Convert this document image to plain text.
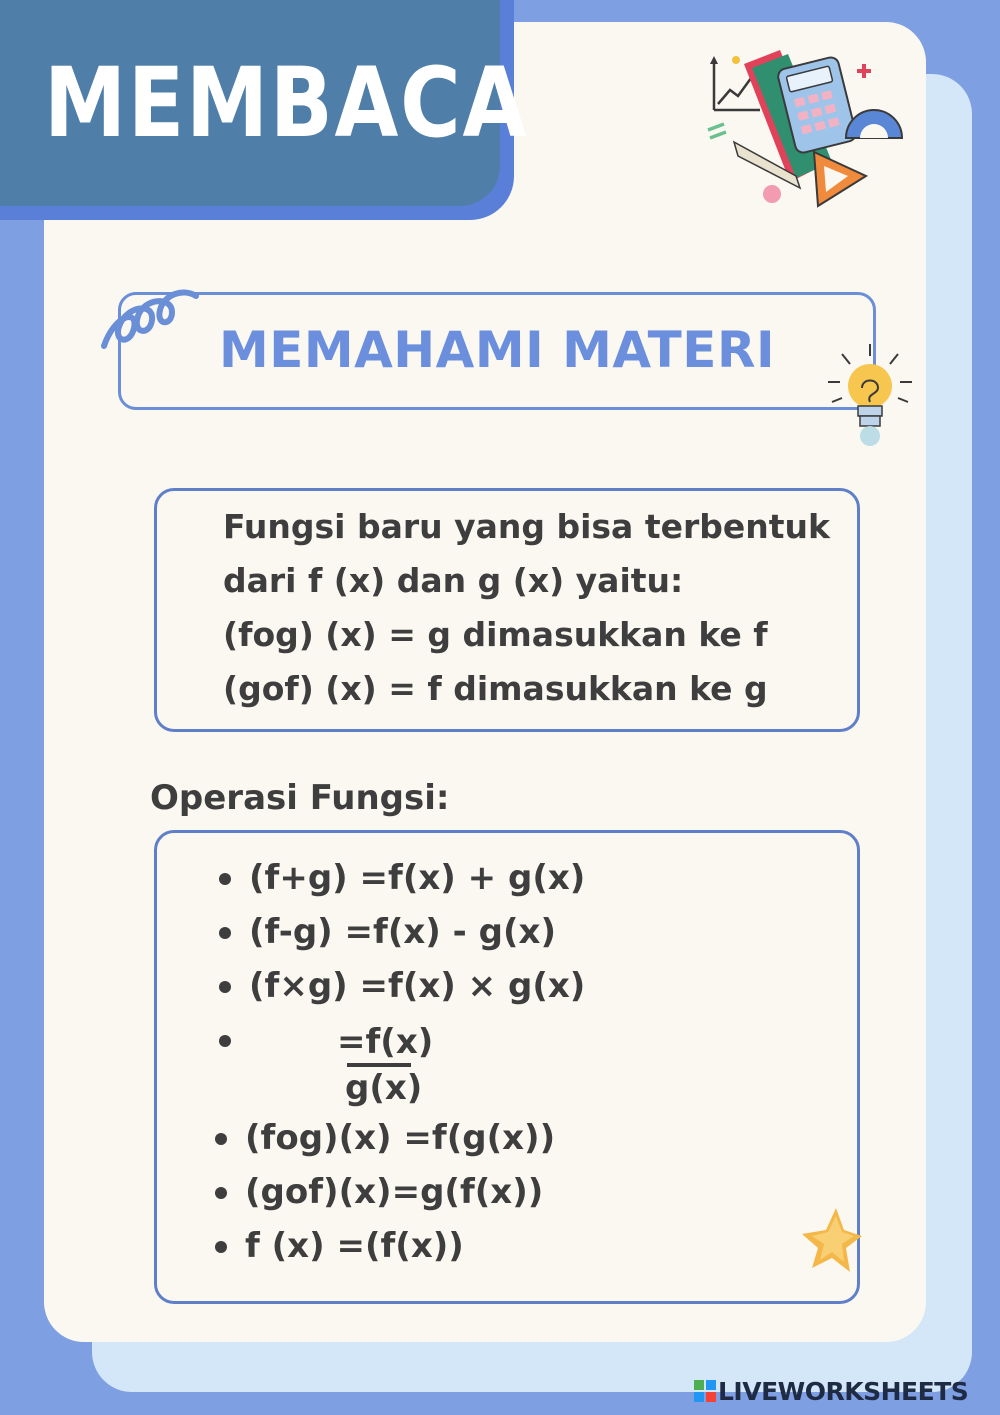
MEMBACA
MEMAHAMI MATERI

Fungsi baru yang bisa terbentuk

dari f (x) dan g (x) yaitu:

(fog) (x) = g dimasukkan ke f

(gof) (x) = f dimasukkan ke g

Operasi Fungsi:

(f+g) =f(x) + g(x)

(f-g) =f(x) - g(x)

(f×g) =f(x) × g(x)

=f(x)

g(x)

(fog)(x) =f(g(x))

(gof)(x)=g(f(x))

f (x) =(f(x))

LIVEWORKSHEETS
